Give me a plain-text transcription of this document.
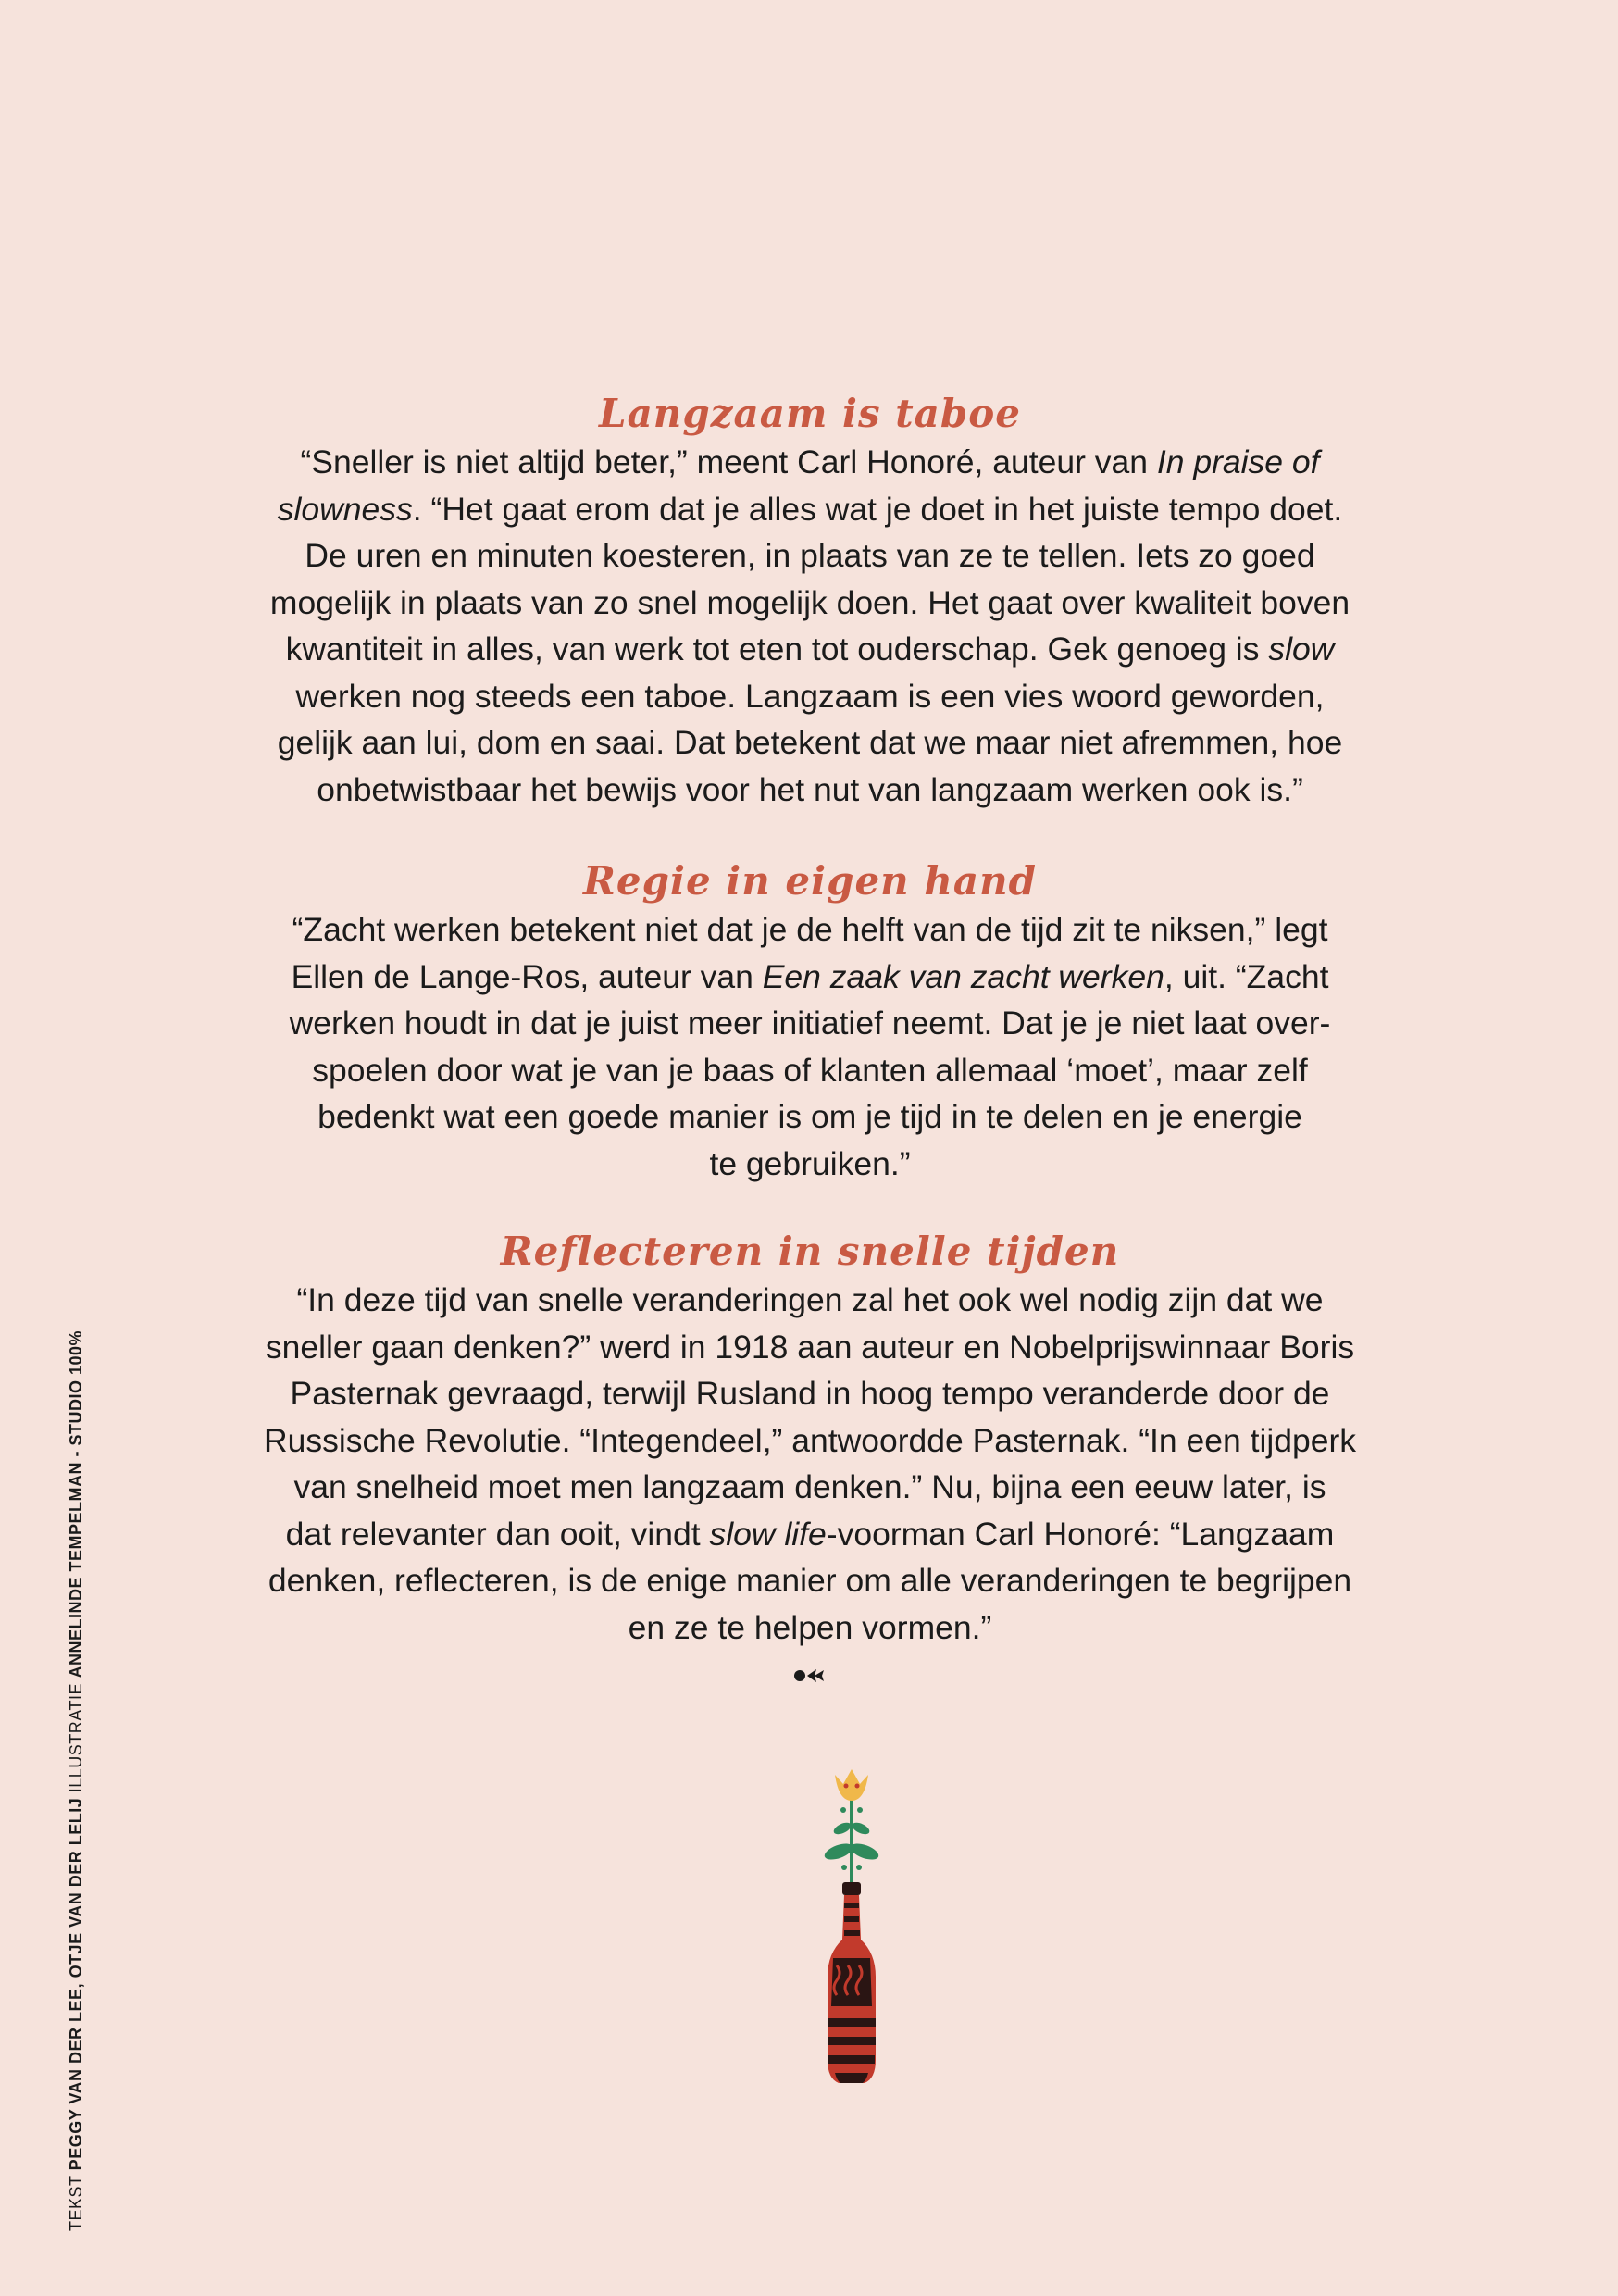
Langzaam is taboe

“Sneller is niet altijd beter,” meent Carl Honoré, auteur van In praise of

slowness. “Het gaat erom dat je alles wat je doet in het juiste tempo doet.

De uren en minuten koesteren, in plaats van ze te tellen. Iets zo goed

mogelijk in plaats van zo snel mogelijk doen. Het gaat over kwaliteit boven

kwantiteit in alles, van werk tot eten tot ouderschap. Gek genoeg is slow

werken nog steeds een taboe. Langzaam is een vies woord geworden,

gelijk aan lui, dom en saai. Dat betekent dat we maar niet afremmen, hoe

onbetwistbaar het bewijs voor het nut van langzaam werken ook is.”

Regie in eigen hand

“Zacht werken betekent niet dat je de helft van de tijd zit te niksen,” legt

Ellen de Lange-Ros, auteur van Een zaak van zacht werken, uit. “Zacht

werken houdt in dat je juist meer initiatief neemt. Dat je je niet laat over-

spoelen door wat je van je baas of klanten allemaal ‘moet’, maar zelf

bedenkt wat een goede manier is om je tijd in te delen en je energie

te gebruiken.”

Reflecteren in snelle tijden

“In deze tijd van snelle veranderingen zal het ook wel nodig zijn dat we

sneller gaan denken?” werd in 1918 aan auteur en Nobelprijswinnaar Boris

Pasternak gevraagd, terwijl Rusland in hoog tempo veranderde door de

Russische Revolutie. “Integendeel,” antwoordde Pasternak. “In een tijdperk

van snelheid moet men langzaam denken.” Nu, bijna een eeuw later, is

dat relevanter dan ooit, vindt slow life-voorman Carl Honoré: “Langzaam

denken, reflecteren, is de enige manier om alle veranderingen te begrijpen

en ze te helpen vormen.”

TEKST PEGGY VAN DER LEE, OTJE VAN DER LELIJ ILLUSTRATIE ANNELINDE TEMPELMAN - STUDIO 100%
